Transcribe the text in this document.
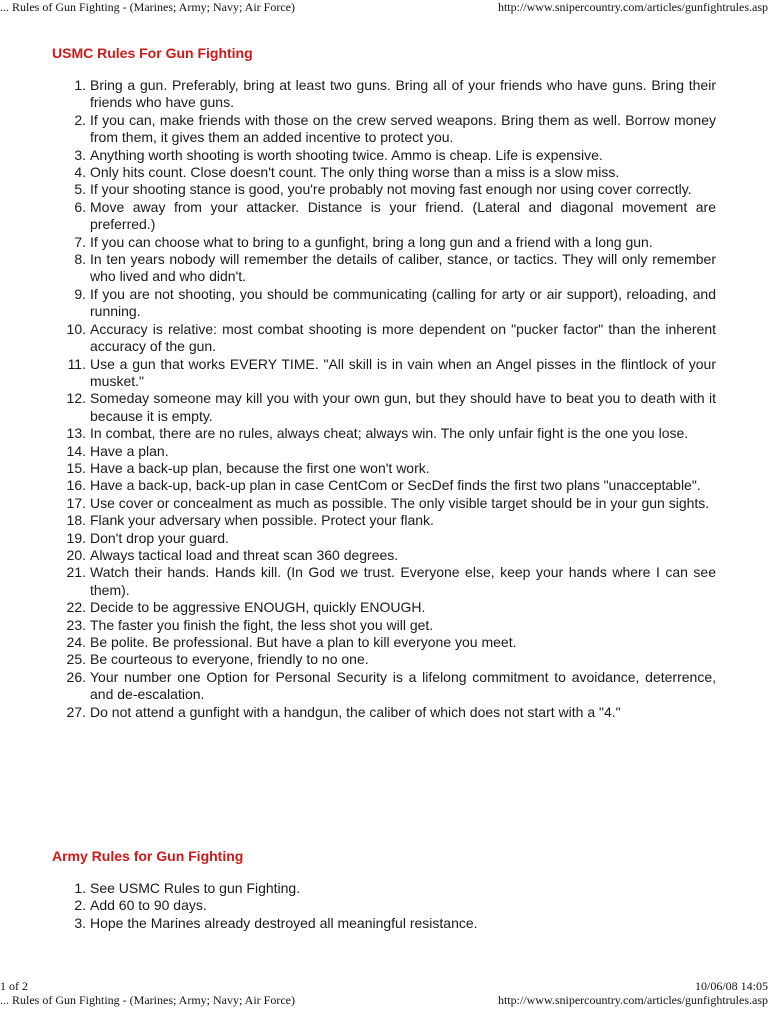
... Rules of Gun Fighting - (Marines; Army; Navy; Air Force)	http://www.snipercountry.com/articles/gunfightrules.asp
USMC Rules For Gun Fighting
1. Bring a gun. Preferably, bring at least two guns. Bring all of your friends who have guns. Bring their friends who have guns.
2. If you can, make friends with those on the crew served weapons. Bring them as well. Borrow money from them, it gives them an added incentive to protect you.
3. Anything worth shooting is worth shooting twice. Ammo is cheap. Life is expensive.
4. Only hits count. Close doesn't count. The only thing worse than a miss is a slow miss.
5. If your shooting stance is good, you're probably not moving fast enough nor using cover correctly.
6. Move away from your attacker. Distance is your friend. (Lateral and diagonal movement are preferred.)
7. If you can choose what to bring to a gunfight, bring a long gun and a friend with a long gun.
8. In ten years nobody will remember the details of caliber, stance, or tactics. They will only remember who lived and who didn't.
9. If you are not shooting, you should be communicating (calling for arty or air support), reloading, and running.
10. Accuracy is relative: most combat shooting is more dependent on "pucker factor" than the inherent accuracy of the gun.
11. Use a gun that works EVERY TIME. "All skill is in vain when an Angel pisses in the flintlock of your musket."
12. Someday someone may kill you with your own gun, but they should have to beat you to death with it because it is empty.
13. In combat, there are no rules, always cheat; always win. The only unfair fight is the one you lose.
14. Have a plan.
15. Have a back-up plan, because the first one won't work.
16. Have a back-up, back-up plan in case CentCom or SecDef finds the first two plans "unacceptable".
17. Use cover or concealment as much as possible. The only visible target should be in your gun sights.
18. Flank your adversary when possible. Protect your flank.
19. Don't drop your guard.
20. Always tactical load and threat scan 360 degrees.
21. Watch their hands. Hands kill. (In God we trust. Everyone else, keep your hands where I can see them).
22. Decide to be aggressive ENOUGH, quickly ENOUGH.
23. The faster you finish the fight, the less shot you will get.
24. Be polite. Be professional. But have a plan to kill everyone you meet.
25. Be courteous to everyone, friendly to no one.
26. Your number one Option for Personal Security is a lifelong commitment to avoidance, deterrence, and de-escalation.
27. Do not attend a gunfight with a handgun, the caliber of which does not start with a "4."
Army Rules for Gun Fighting
1. See USMC Rules to gun Fighting.
2. Add 60 to 90 days.
3. Hope the Marines already destroyed all meaningful resistance.
1 of 2	10/06/08 14:05
... Rules of Gun Fighting - (Marines; Army; Navy; Air Force)	http://www.snipercountry.com/articles/gunfightrules.asp
